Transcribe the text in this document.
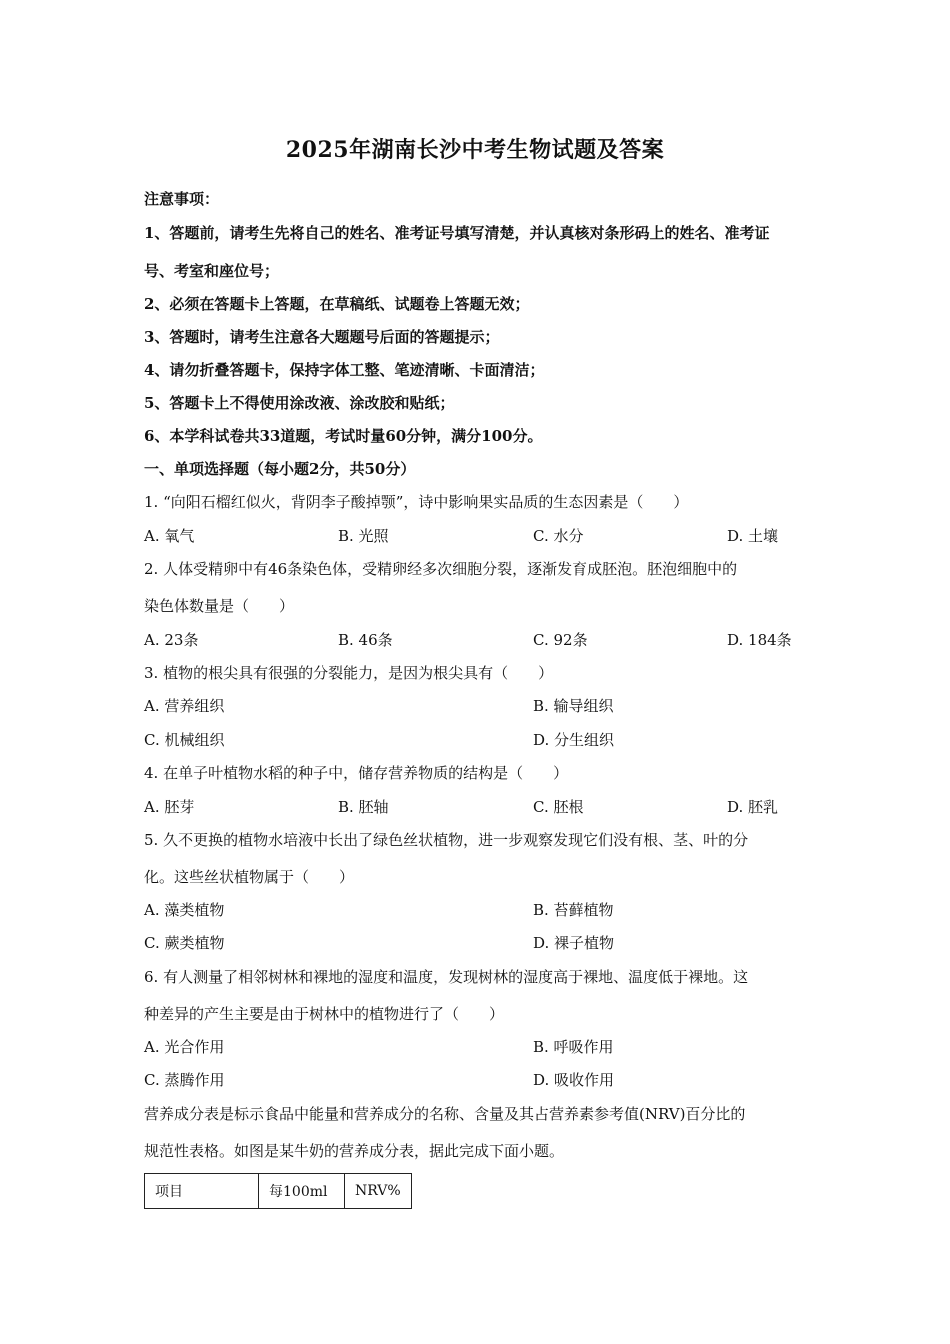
2025年湖南长沙中考生物试题及答案
注意事项：
1、答题前，请考生先将自己的姓名、准考证号填写清楚，并认真核对条形码上的姓名、准考证
号、考室和座位号；
2、必须在答题卡上答题，在草稿纸、试题卷上答题无效；
3、答题时，请考生注意各大题题号后面的答题提示；
4、请勿折叠答题卡，保持字体工整、笔迹清晰、卡面清洁；
5、答题卡上不得使用涂改液、涂改胶和贴纸；
6、本学科试卷共33道题，考试时量60分钟，满分100分。
一、单项选择题（每小题2分，共50分）
1. “向阳石榴红似火，背阴李子酸掉颚”，诗中影响果实品质的生态因素是（　　）
A. 氧气	B. 光照	C. 水分	D. 土壤
2. 人体受精卵中有46条染色体，受精卵经多次细胞分裂，逐渐发育成胚泡。胚泡细胞中的
染色体数量是（　　）
A. 23条	B. 46条	C. 92条	D. 184条
3. 植物的根尖具有很强的分裂能力，是因为根尖具有（　　）
A. 营养组织	B. 输导组织
C. 机械组织	D. 分生组织
4. 在单子叶植物水稻的种子中，储存营养物质的结构是（　　）
A. 胚芽	B. 胚轴	C. 胚根	D. 胚乳
5. 久不更换的植物水培液中长出了绿色丝状植物，进一步观察发现它们没有根、茎、叶的分
化。这些丝状植物属于（　　）
A. 藻类植物	B. 苔藓植物
C. 蕨类植物	D. 裸子植物
6. 有人测量了相邻树林和裸地的湿度和温度，发现树林的湿度高于裸地、温度低于裸地。这
种差异的产生主要是由于树林中的植物进行了（　　）
A. 光合作用	B. 呼吸作用
C. 蒸腾作用	D. 吸收作用
营养成分表是标示食品中能量和营养成分的名称、含量及其占营养素参考值(NRV)百分比的
规范性表格。如图是某牛奶的营养成分表，据此完成下面小题。
项目	每100ml	NRV%
